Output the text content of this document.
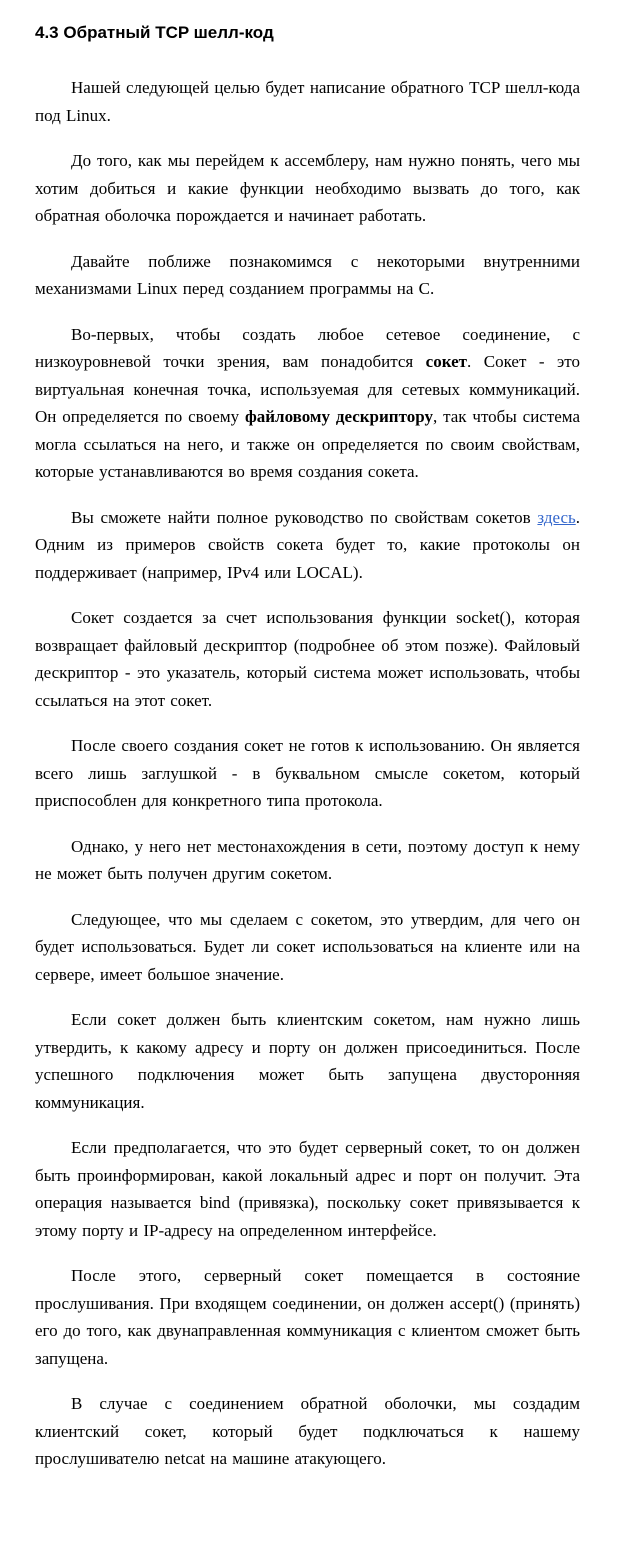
4.3 Обратный TCP шелл-код

Нашей следующей целью будет написание обратного TCP шелл-кода под Linux.

До того, как мы перейдем к ассемблеру, нам нужно понять, чего мы хотим добиться и какие функции необходимо вызвать до того, как обратная оболочка порождается и начинает работать.

Давайте поближе познакомимся с некоторыми внутренними механизмами Linux перед созданием программы на C.

Во-первых, чтобы создать любое сетевое соединение, с низкоуровневой точки зрения, вам понадобится сокет. Сокет - это виртуальная конечная точка, используемая для сетевых коммуникаций. Он определяется по своему файловому дескриптору, так чтобы система могла ссылаться на него, и также он определяется по своим свойствам, которые устанавливаются во время создания сокета.

Вы сможете найти полное руководство по свойствам сокетов здесь. Одним из примеров свойств сокета будет то, какие протоколы он поддерживает (например, IPv4 или LOCAL).

Сокет создается за счет использования функции socket(), которая возвращает файловый дескриптор (подробнее об этом позже). Файловый дескриптор - это указатель, который система может использовать, чтобы ссылаться на этот сокет.

После своего создания сокет не готов к использованию. Он является всего лишь заглушкой - в буквальном смысле сокетом, который приспособлен для конкретного типа протокола.

Однако, у него нет местонахождения в сети, поэтому доступ к нему не может быть получен другим сокетом.

Следующее, что мы сделаем с сокетом, это утвердим, для чего он будет использоваться. Будет ли сокет использоваться на клиенте или на сервере, имеет большое значение.

Если сокет должен быть клиентским сокетом, нам нужно лишь утвердить, к какому адресу и порту он должен присоединиться. После успешного подключения может быть запущена двусторонняя коммуникация.

Если предполагается, что это будет серверный сокет, то он должен быть проинформирован, какой локальный адрес и порт он получит. Эта операция называется bind (привязка), поскольку сокет привязывается к этому порту и IP-адресу на определенном интерфейсе.

После этого, серверный сокет помещается в состояние прослушивания. При входящем соединении, он должен accept() (принять) его до того, как двунаправленная коммуникация с клиентом сможет быть запущена.

В случае с соединением обратной оболочки, мы создадим клиентский сокет, который будет подключаться к нашему прослушивателю netcat на машине атакующего.
